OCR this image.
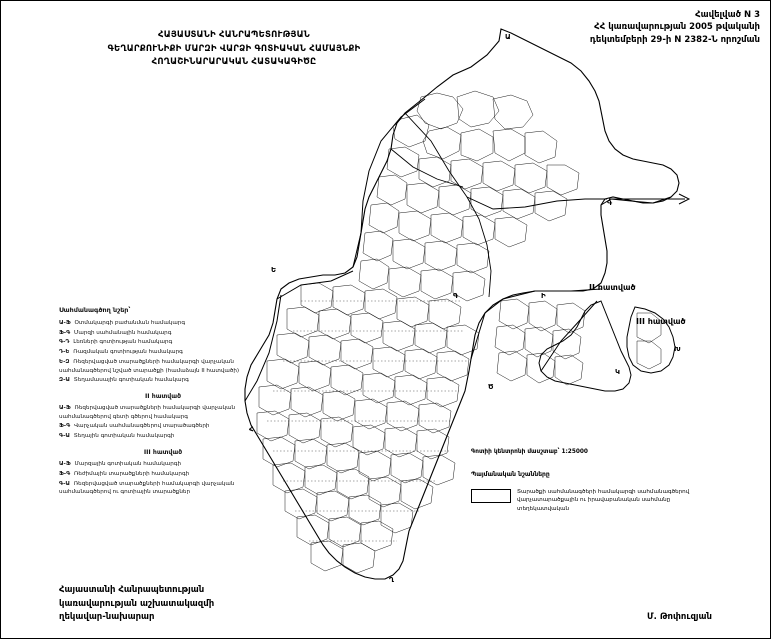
Հավելված N 3
ՀՀ կառավարության 2005 թվականի
դեկտեմբերի 29-ի N 2382-Ն որոշման
ՀԱՅԱՍՏԱՆԻ ՀԱՆՐԱՊԵՏՈՒԹՅԱՆ
ԳԵՂԱՐՔՈՒՆԻՔԻ ՄԱՐԶԻ ՎԱՐՁԻ ԳՈՏԻԱԿԱՆ ՀԱՄԱՅՆՔԻ
ՀՈՂԱՇԻՆԱՐԱՐԱԿԱՆ ՀԱՏԱԿԱԳԻԾԸ
II հատված
III հատված
Ա
Գ
Ե
Գ	Ի
Խ
Ծ
Կ
Հ
Ղ
Սահմանագծող նշեր՝
Ա-Ֆ Օտմակարգի բաժանման համակարգ
Ֆ-Գ Մարզի սահմանային համակարգ
Գ-Դ Լեռների գոտիության համակարգ
Դ-Ե Ռազմական գոտիության համակարգ
Ե-Զ Ռեզերվացված տարածքների համակարգի վարչական սահմանագծերով նշված տարածքի (համաձայն II հատվածի)
Զ-Ա Տեղամասային գոտիական համակարգ
II հատված
Ա-Ֆ Ռեզերվացված տարածքների համակարգի վարչական սահմանագծերով գետի գծերով համակարգ
Ֆ-Գ Վարչական սահմանագծերով տարածագծերի
Գ-Ա Տեղային գոտիական համակարգի
III հատված
Ա-Ֆ Մարզային գոտիական համակարգի
Ֆ-Գ Ռեժիմային տարածքների համակարգի
Գ-Ա Ռեզերվացված տարածքների համակարգի վարչական սահմանագծերով ու գոտիային տարածքներ
Գոտիի կենտրոնի մասշտաբ՝ 1:25000
Պայմանական նշանները
Տարածքի սահմանագծերի համակարգի սահմանագծերով վարչատարածքային ու իրավաբանական սահմանը տեղեկատվական
Հայաստանի Հանրապետության
կառավարության աշխատակազմի
ղեկավար-նախարար	Մ. Թոփուզյան
